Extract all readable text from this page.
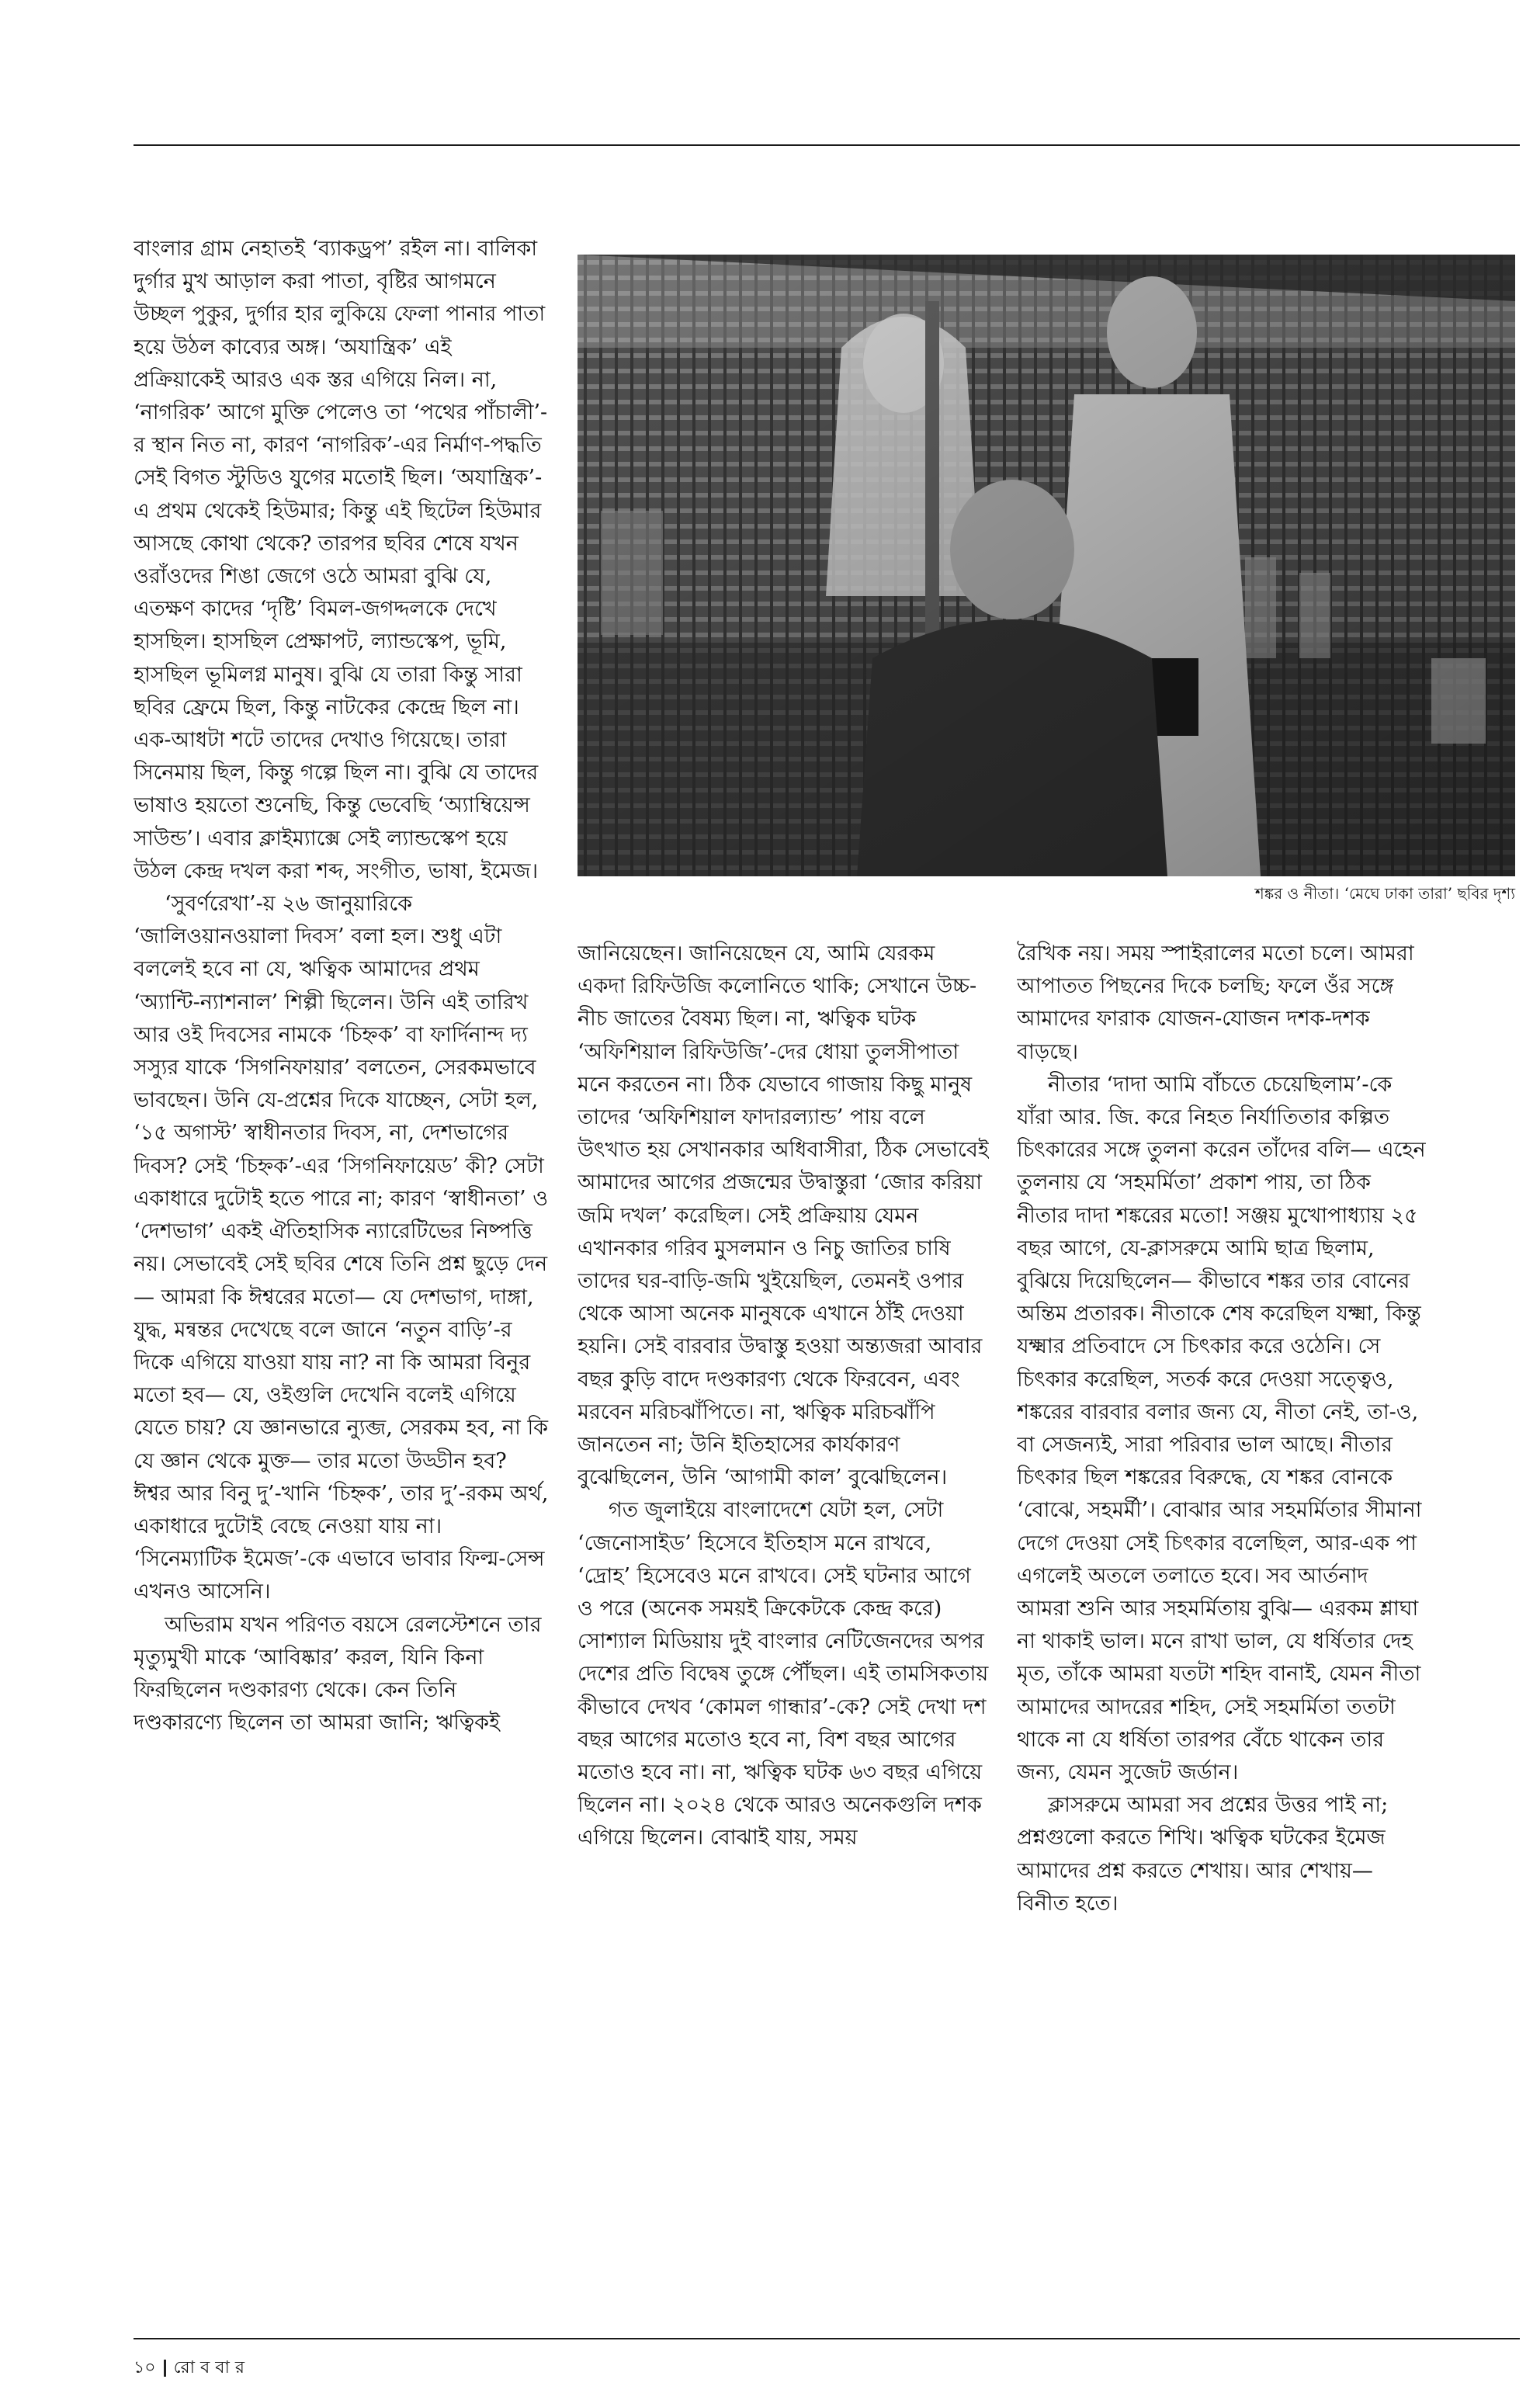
বাংলার গ্রাম নেহাতই ‘ব্যাকড্রপ’ রইল না। বালিকা দুর্গার মুখ আড়াল করা পাতা, বৃষ্টির আগমনে উচ্ছল পুকুর, দুর্গার হার লুকিয়ে ফেলা পানার পাতা হয়ে উঠল কাব্যের অঙ্গ। ‘অযান্ত্রিক’ এই প্রক্রিয়াকেই আরও এক স্তর এগিয়ে নিল। না, ‘নাগরিক’ আগে মুক্তি পেলেও তা ‘পথের পাঁচালী’-র স্থান নিত না, কারণ ‘নাগরিক’-এর নির্মাণ-পদ্ধতি সেই বিগত স্টুডিও যুগের মতোই ছিল। ‘অযান্ত্রিক’-এ প্রথম থেকেই হিউমার; কিন্তু এই ছিটেল হিউমার আসছে কোথা থেকে? তারপর ছবির শেষে যখন ওরাঁওদের শিঙা জেগে ওঠে আমরা বুঝি যে, এতক্ষণ কাদের ‘দৃষ্টি’ বিমল-জগদ্দলকে দেখে হাসছিল। হাসছিল প্রেক্ষাপট, ল্যান্ডস্কেপ, ভূমি, হাসছিল ভূমিলগ্ন মানুষ। বুঝি যে তারা কিন্তু সারা ছবির ফ্রেমে ছিল, কিন্তু নাটকের কেন্দ্রে ছিল না। এক-আধটা শটে তাদের দেখাও গিয়েছে। তারা সিনেমায় ছিল, কিন্তু গল্পে ছিল না। বুঝি যে তাদের ভাষাও হয়তো শুনেছি, কিন্তু ভেবেছি ‘অ্যাম্বিয়েন্স সাউন্ড’। এবার ক্লাইম্যাক্সে সেই ল্যান্ডস্কেপ হয়ে উঠল কেন্দ্র দখল করা শব্দ, সংগীত, ভাষা, ইমেজ।

‘সুবর্ণরেখা’-য় ২৬ জানুয়ারিকে ‘জালিওয়ানওয়ালা দিবস’ বলা হল। শুধু এটা বললেই হবে না যে, ঋত্বিক আমাদের প্রথম ‘অ্যান্টি-ন্যাশনাল’ শিল্পী ছিলেন। উনি এই তারিখ আর ওই দিবসের নামকে ‘চিহ্নক’ বা ফার্দিনান্দ দ্য সস্যুর যাকে ‘সিগনিফায়ার’ বলতেন, সেরকমভাবে ভাবছেন। উনি যে-প্রশ্নের দিকে যাচ্ছেন, সেটা হল, ‘১৫ অগাস্ট’ স্বাধীনতার দিবস, না, দেশভাগের দিবস? সেই ‘চিহ্নক’-এর ‘সিগনিফায়েড’ কী? সেটা একাধারে দুটোই হতে পারে না; কারণ ‘স্বাধীনতা’ ও ‘দেশভাগ’ একই ঐতিহাসিক ন্যারেটিভের নিষ্পত্তি নয়। সেভাবেই সেই ছবির শেষে তিনি প্রশ্ন ছুড়ে দেন— আমরা কি ঈশ্বরের মতো— যে দেশভাগ, দাঙ্গা, যুদ্ধ, মন্বন্তর দেখেছে বলে জানে ‘নতুন বাড়ি’-র দিকে এগিয়ে যাওয়া যায় না? না কি আমরা বিনুর মতো হব— যে, ওইগুলি দেখেনি বলেই এগিয়ে যেতে চায়? যে জ্ঞানভারে ন্যুব্জ, সেরকম হব, না কি যে জ্ঞান থেকে মুক্ত— তার মতো উড্ডীন হব? ঈশ্বর আর বিনু দু’-খানি ‘চিহ্নক’, তার দু’-রকম অর্থ, একাধারে দুটোই বেছে নেওয়া যায় না। ‘সিনেম্যাটিক ইমেজ’-কে এভাবে ভাবার ফিল্ম-সেন্স এখনও আসেনি।

অভিরাম যখন পরিণত বয়সে রেলস্টেশনে তার মৃত্যুমুখী মাকে ‘আবিষ্কার’ করল, যিনি কিনা ফিরছিলেন দণ্ডকারণ্য থেকে। কেন তিনি দণ্ডকারণ্যে ছিলেন তা আমরা জানি; ঋত্বিকই

শঙ্কর ও নীতা। ‘মেঘে ঢাকা তারা’ ছবির দৃশ্য

জানিয়েছেন। জানিয়েছেন যে, আমি যেরকম একদা রিফিউজি কলোনিতে থাকি; সেখানে উচ্চ-নীচ জাতের বৈষম্য ছিল। না, ঋত্বিক ঘটক ‘অফিশিয়াল রিফিউজি’-দের ধোয়া তুলসীপাতা মনে করতেন না। ঠিক যেভাবে গাজায় কিছু মানুষ তাদের ‘অফিশিয়াল ফাদারল্যান্ড’ পায় বলে উৎখাত হয় সেখানকার অধিবাসীরা, ঠিক সেভাবেই আমাদের আগের প্রজন্মের উদ্বাস্তুরা ‘জোর করিয়া জমি দখল’ করেছিল। সেই প্রক্রিয়ায় যেমন এখানকার গরিব মুসলমান ও নিচু জাতির চাষি তাদের ঘর-বাড়ি-জমি খুইয়েছিল, তেমনই ওপার থেকে আসা অনেক মানুষকে এখানে ঠাঁই দেওয়া হয়নি। সেই বারবার উদ্বাস্তু হওয়া অন্ত্যজরা আবার বছর কুড়ি বাদে দণ্ডকারণ্য থেকে ফিরবেন, এবং মরবেন মরিচঝাঁপিতে। না, ঋত্বিক মরিচঝাঁপি জানতেন না; উনি ইতিহাসের কার্যকারণ বুঝেছিলেন, উনি ‘আগামী কাল’ বুঝেছিলেন।

গত জুলাইয়ে বাংলাদেশে যেটা হল, সেটা ‘জেনোসাইড’ হিসেবে ইতিহাস মনে রাখবে, ‘দ্রোহ’ হিসেবেও মনে রাখবে। সেই ঘটনার আগে ও পরে (অনেক সময়ই ক্রিকেটকে কেন্দ্র করে) সোশ্যাল মিডিয়ায় দুই বাংলার নেটিজেনদের অপর দেশের প্রতি বিদ্বেষ তুঙ্গে পৌঁছল। এই তামসিকতায় কীভাবে দেখব ‘কোমল গান্ধার’-কে? সেই দেখা দশ বছর আগের মতোও হবে না, বিশ বছর আগের মতোও হবে না। না, ঋত্বিক ঘটক ৬৩ বছর এগিয়ে ছিলেন না। ২০২৪ থেকে আরও অনেকগুলি দশক এগিয়ে ছিলেন। বোঝাই যায়, সময়

রৈখিক নয়। সময় স্পাইরালের মতো চলে। আমরা আপাতত পিছনের দিকে চলছি; ফলে ওঁর সঙ্গে আমাদের ফারাক যোজন-যোজন দশক-দশক বাড়ছে।

নীতার ‘দাদা আমি বাঁচতে চেয়েছিলাম’-কে যাঁরা আর. জি. করে নিহত নির্যাতিতার কল্পিত চিৎকারের সঙ্গে তুলনা করেন তাঁদের বলি— এহেন তুলনায় যে ‘সহমর্মিতা’ প্রকাশ পায়, তা ঠিক নীতার দাদা শঙ্করের মতো! সঞ্জয় মুখোপাধ্যায় ২৫ বছর আগে, যে-ক্লাসরুমে আমি ছাত্র ছিলাম, বুঝিয়ে দিয়েছিলেন— কীভাবে শঙ্কর তার বোনের অন্তিম প্রতারক। নীতাকে শেষ করেছিল যক্ষ্মা, কিন্তু যক্ষ্মার প্রতিবাদে সে চিৎকার করে ওঠেনি। সে চিৎকার করেছিল, সতর্ক করে দেওয়া সত্ত্বেও, শঙ্করের বারবার বলার জন্য যে, নীতা নেই, তা-ও, বা সেজন্যই, সারা পরিবার ভাল আছে। নীতার চিৎকার ছিল শঙ্করের বিরুদ্ধে, যে শঙ্কর বোনকে ‘বোঝে, সহমর্মী’। বোঝার আর সহমর্মিতার সীমানা দেগে দেওয়া সেই চিৎকার বলেছিল, আর-এক পা এগলেই অতলে তলাতে হবে। সব আর্তনাদ আমরা শুনি আর সহমর্মিতায় বুঝি— এরকম শ্লাঘা না থাকাই ভাল। মনে রাখা ভাল, যে ধর্ষিতার দেহ মৃত, তাঁকে আমরা যতটা শহিদ বানাই, যেমন নীতা আমাদের আদরের শহিদ, সেই সহমর্মিতা ততটা থাকে না যে ধর্ষিতা তারপর বেঁচে থাকেন তার জন্য, যেমন সুজেট জর্ডান।

ক্লাসরুমে আমরা সব প্রশ্নের উত্তর পাই না; প্রশ্নগুলো করতে শিখি। ঋত্বিক ঘটকের ইমেজ আমাদের প্রশ্ন করতে শেখায়। আর শেখায়— বিনীত হতে।

১০ রো ব বা র
